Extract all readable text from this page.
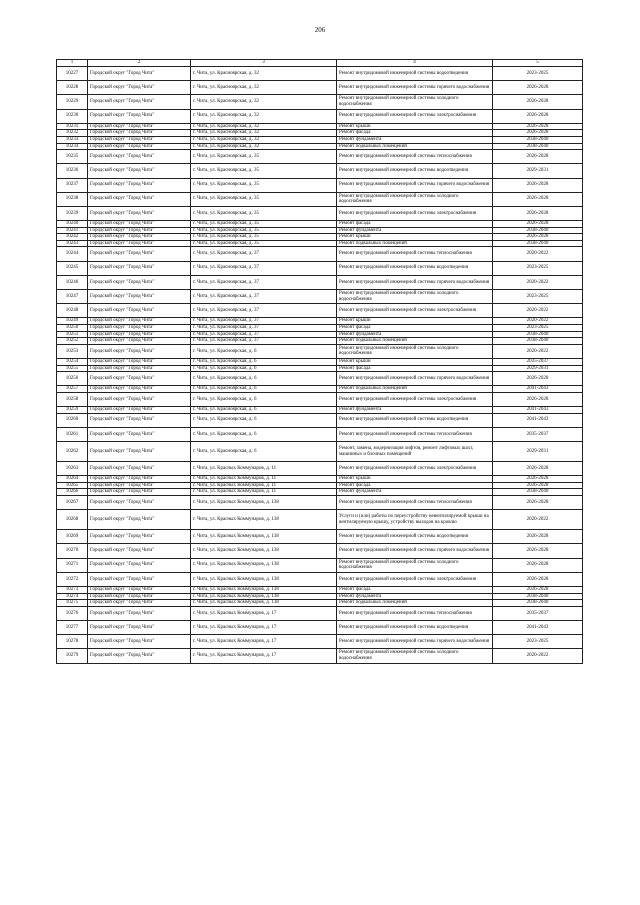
206
1	2	3	4	5
10227	Городской округ "Город Чита"	г. Чита, ул. Красноярская, д. 32	Ремонт внутридомовой инженерной системы водоотведения	2023-2025
10228	Городской округ "Город Чита"	г. Чита, ул. Красноярская, д. 32	Ремонт внутридомовой инженерной системы горячего водоснабжения	2026-2028
10229	Городской округ "Город Чита"	г. Чита, ул. Красноярская, д. 32	Ремонт внутридомовой инженерной системы холодного водоснабжения	2026-2028
10230	Городской округ "Город Чита"	г. Чита, ул. Красноярская, д. 32	Ремонт внутридомовой инженерной системы электроснабжения	2026-2028
10231	Городской округ "Город Чита"	г. Чита, ул. Красноярская, д. 32	Ремонт крыши	2026-2028
10232	Городской округ "Город Чита"	г. Чита, ул. Красноярская, д. 32	Ремонт фасада	2026-2028
10233	Городской округ "Город Чита"	г. Чита, ул. Красноярская, д. 32	Ремонт фундамента	2038-2040
10234	Городской округ "Город Чита"	г. Чита, ул. Красноярская, д. 32	Ремонт подвальных помещений	2038-2040
10235	Городской округ "Город Чита"	г. Чита, ул. Красноярская, д. 35	Ремонт внутридомовой инженерной системы теплоснабжения	2026-2028
10236	Городской округ "Город Чита"	г. Чита, ул. Красноярская, д. 35	Ремонт внутридомовой инженерной системы водоотведения	2029-2031
10237	Городской округ "Город Чита"	г. Чита, ул. Красноярская, д. 35	Ремонт внутридомовой инженерной системы горячего водоснабжения	2026-2028
10238	Городской округ "Город Чита"	г. Чита, ул. Красноярская, д. 35	Ремонт внутридомовой инженерной системы холодного водоснабжения	2026-2028
10239	Городской округ "Город Чита"	г. Чита, ул. Красноярская, д. 35	Ремонт внутридомовой инженерной системы электроснабжения	2026-2028
10240	Городской округ "Город Чита"	г. Чита, ул. Красноярская, д. 35	Ремонт фасада	2026-2028
10241	Городской округ "Город Чита"	г. Чита, ул. Красноярская, д. 35	Ремонт фундамента	2038-2040
10242	Городской округ "Город Чита"	г. Чита, ул. Красноярская, д. 35	Ремонт крыши	2026-2028
10243	Городской округ "Город Чита"	г. Чита, ул. Красноярская, д. 35	Ремонт подвальных помещений	2038-2040
10244	Городской округ "Город Чита"	г. Чита, ул. Красноярская, д. 37	Ремонт внутридомовой инженерной системы теплоснабжения	2020-2022
10245	Городской округ "Город Чита"	г. Чита, ул. Красноярская, д. 37	Ремонт внутридомовой инженерной системы водоотведения	2023-2025
10246	Городской округ "Город Чита"	г. Чита, ул. Красноярская, д. 37	Ремонт внутридомовой инженерной системы горячего водоснабжения	2020-2022
10247	Городской округ "Город Чита"	г. Чита, ул. Красноярская, д. 37	Ремонт внутридомовой инженерной системы холодного водоснабжения	2023-2025
10248	Городской округ "Город Чита"	г. Чита, ул. Красноярская, д. 37	Ремонт внутридомовой инженерной системы электроснабжения	2020-2022
10249	Городской округ "Город Чита"	г. Чита, ул. Красноярская, д. 37	Ремонт крыши	2020-2022
10250	Городской округ "Город Чита"	г. Чита, ул. Красноярская, д. 37	Ремонт фасада	2023-2025
10251	Городской округ "Город Чита"	г. Чита, ул. Красноярская, д. 37	Ремонт фундамента	2038-2040
10252	Городской округ "Город Чита"	г. Чита, ул. Красноярская, д. 37	Ремонт подвальных помещений	2038-2040
10253	Городской округ "Город Чита"	г. Чита, ул. Красноярская, д. 6	Ремонт внутридомовой инженерной системы холодного водоснабжения	2020-2022
10254	Городской округ "Город Чита"	г. Чита, ул. Красноярская, д. 6	Ремонт крыши	2035-2037
10255	Городской округ "Город Чита"	г. Чита, ул. Красноярская, д. 6	Ремонт фасада	2029-2031
10256	Городской округ "Город Чита"	г. Чита, ул. Красноярская, д. 6	Ремонт внутридомовой инженерной системы горячего водоснабжения	2026-2028
10257	Городской округ "Город Чита"	г. Чита, ул. Красноярская, д. 6	Ремонт подвальных помещений	2041-2043
10258	Городской округ "Город Чита"	г. Чита, ул. Красноярская, д. 6	Ремонт внутридомовой инженерной системы электроснабжения	2026-2028
10259	Городской округ "Город Чита"	г. Чита, ул. Красноярская, д. 6	Ремонт фундамента	2041-2043
10260	Городской округ "Город Чита"	г. Чита, ул. Красноярская, д. 6	Ремонт внутридомовой инженерной системы водоотведения	2041-2043
10261	Городской округ "Город Чита"	г. Чита, ул. Красноярская, д. 6	Ремонт внутридомовой инженерной системы теплоснабжения	2035-2037
10262	Городской округ "Город Чита"	г. Чита, ул. Красноярская, д. 6	Ремонт, замена, модернизация лифтов, ремонт лифтовых шахт, машинных и блочных помещений	2029-2031
10263	Городской округ "Город Чита"	г. Чита, ул. Красных Коммунаров, д. 11	Ремонт внутридомовой инженерной системы электроснабжения	2026-2028
10264	Городской округ "Город Чита"	г. Чита, ул. Красных Коммунаров, д. 11	Ремонт крыши	2026-2028
10265	Городской округ "Город Чита"	г. Чита, ул. Красных Коммунаров, д. 11	Ремонт фасада	2026-2028
10266	Городской округ "Город Чита"	г. Чита, ул. Красных Коммунаров, д. 11	Ремонт фундамента	2038-2040
10267	Городской округ "Город Чита"	г. Чита, ул. Красных Коммунаров, д. 138	Ремонт внутридомовой инженерной системы теплоснабжения	2026-2028
10268	Городской округ "Город Чита"	г. Чита, ул. Красных Коммунаров, д. 138	Услуги и (или) работы по переустройству невентилируемой крыши на вентилируемую крышу, устройству выходов на кровлю	2020-2022
10269	Городской округ "Город Чита"	г. Чита, ул. Красных Коммунаров, д. 138	Ремонт внутридомовой инженерной системы водоотведения	2026-2028
10270	Городской округ "Город Чита"	г. Чита, ул. Красных Коммунаров, д. 138	Ремонт внутридомовой инженерной системы горячего водоснабжения	2026-2028
10271	Городской округ "Город Чита"	г. Чита, ул. Красных Коммунаров, д. 138	Ремонт внутридомовой инженерной системы холодного водоснабжения	2026-2028
10272	Городской округ "Город Чита"	г. Чита, ул. Красных Коммунаров, д. 138	Ремонт внутридомовой инженерной системы электроснабжения	2026-2028
10273	Городской округ "Город Чита"	г. Чита, ул. Красных Коммунаров, д. 138	Ремонт фасада	2026-2028
10274	Городской округ "Город Чита"	г. Чита, ул. Красных Коммунаров, д. 138	Ремонт фундамента	2038-2040
10275	Городской округ "Город Чита"	г. Чита, ул. Красных Коммунаров, д. 138	Ремонт подвальных помещений	2038-2040
10276	Городской округ "Город Чита"	г. Чита, ул. Красных Коммунаров, д. 17	Ремонт внутридомовой инженерной системы теплоснабжения	2035-2037
10277	Городской округ "Город Чита"	г. Чита, ул. Красных Коммунаров, д. 17	Ремонт внутридомовой инженерной системы водоотведения	2041-2043
10278	Городской округ "Город Чита"	г. Чита, ул. Красных Коммунаров, д. 17	Ремонт внутридомовой инженерной системы горячего водоснабжения	2023-2025
10279	Городской округ "Город Чита"	г. Чита, ул. Красных Коммунаров, д. 17	Ремонт внутридомовой инженерной системы холодного водоснабжения	2020-2022
